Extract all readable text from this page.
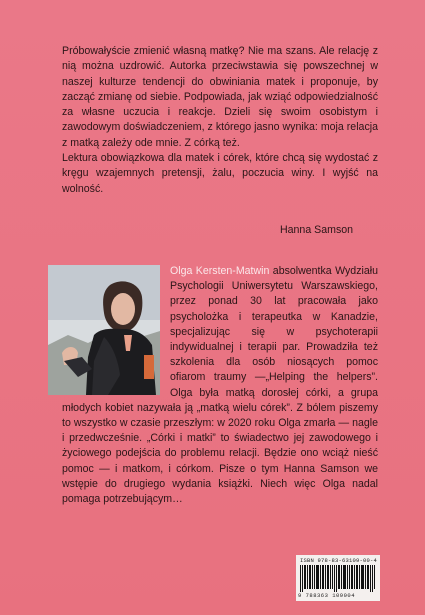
Próbowałyście zmienić własną matkę? Nie ma szans. Ale relację z nią można uzdrowić. Autorka przeciwstawia się powszechnej w naszej kulturze tendencji do obwiniania matek i proponuje, by zacząć zmianę od siebie. Podpowiada, jak wziąć odpowiedzialność za własne uczucia i reakcje. Dzieli się swoim osobistym i zawodowym doświadczeniem, z którego jasno wynika: moja relacja z matką zależy ode mnie. Z córką też.

Lektura obowiązkowa dla matek i córek, które chcą się wydostać z kręgu wzajemnych pretensji, żalu, poczucia winy. I wyjść na wolność.

Hanna Samson
Olga Kersten-Matwin absolwentka Wydziału Psychologii Uniwersytetu Warszawskiego, przez ponad 30 lat pracowała jako psycholożka i terapeutka w Kanadzie, specjalizując się w psychoterapii indywidualnej i terapii par. Prowadziła też szkolenia dla osób niosących pomoc ofiarom traumy —„Helping the helpers”. Olga była matką dorosłej córki, a grupa młodych kobiet nazywała ją „matką wielu córek”. Z bólem piszemy to wszystko w czasie przeszłym: w 2020 roku Olga zmarła — nagle i przedwcześnie. „Córki i matki” to świadectwo jej zawodowego i życiowego podejścia do problemu relacji. Będzie ono wciąż nieść pomoc — i matkom, i córkom. Pisze o tym Hanna Samson we wstępie do drugiego wydania książki. Niech więc Olga nadal pomaga potrzebującym…
ISBN 978-83-63109-00-4
9 788363 109004
